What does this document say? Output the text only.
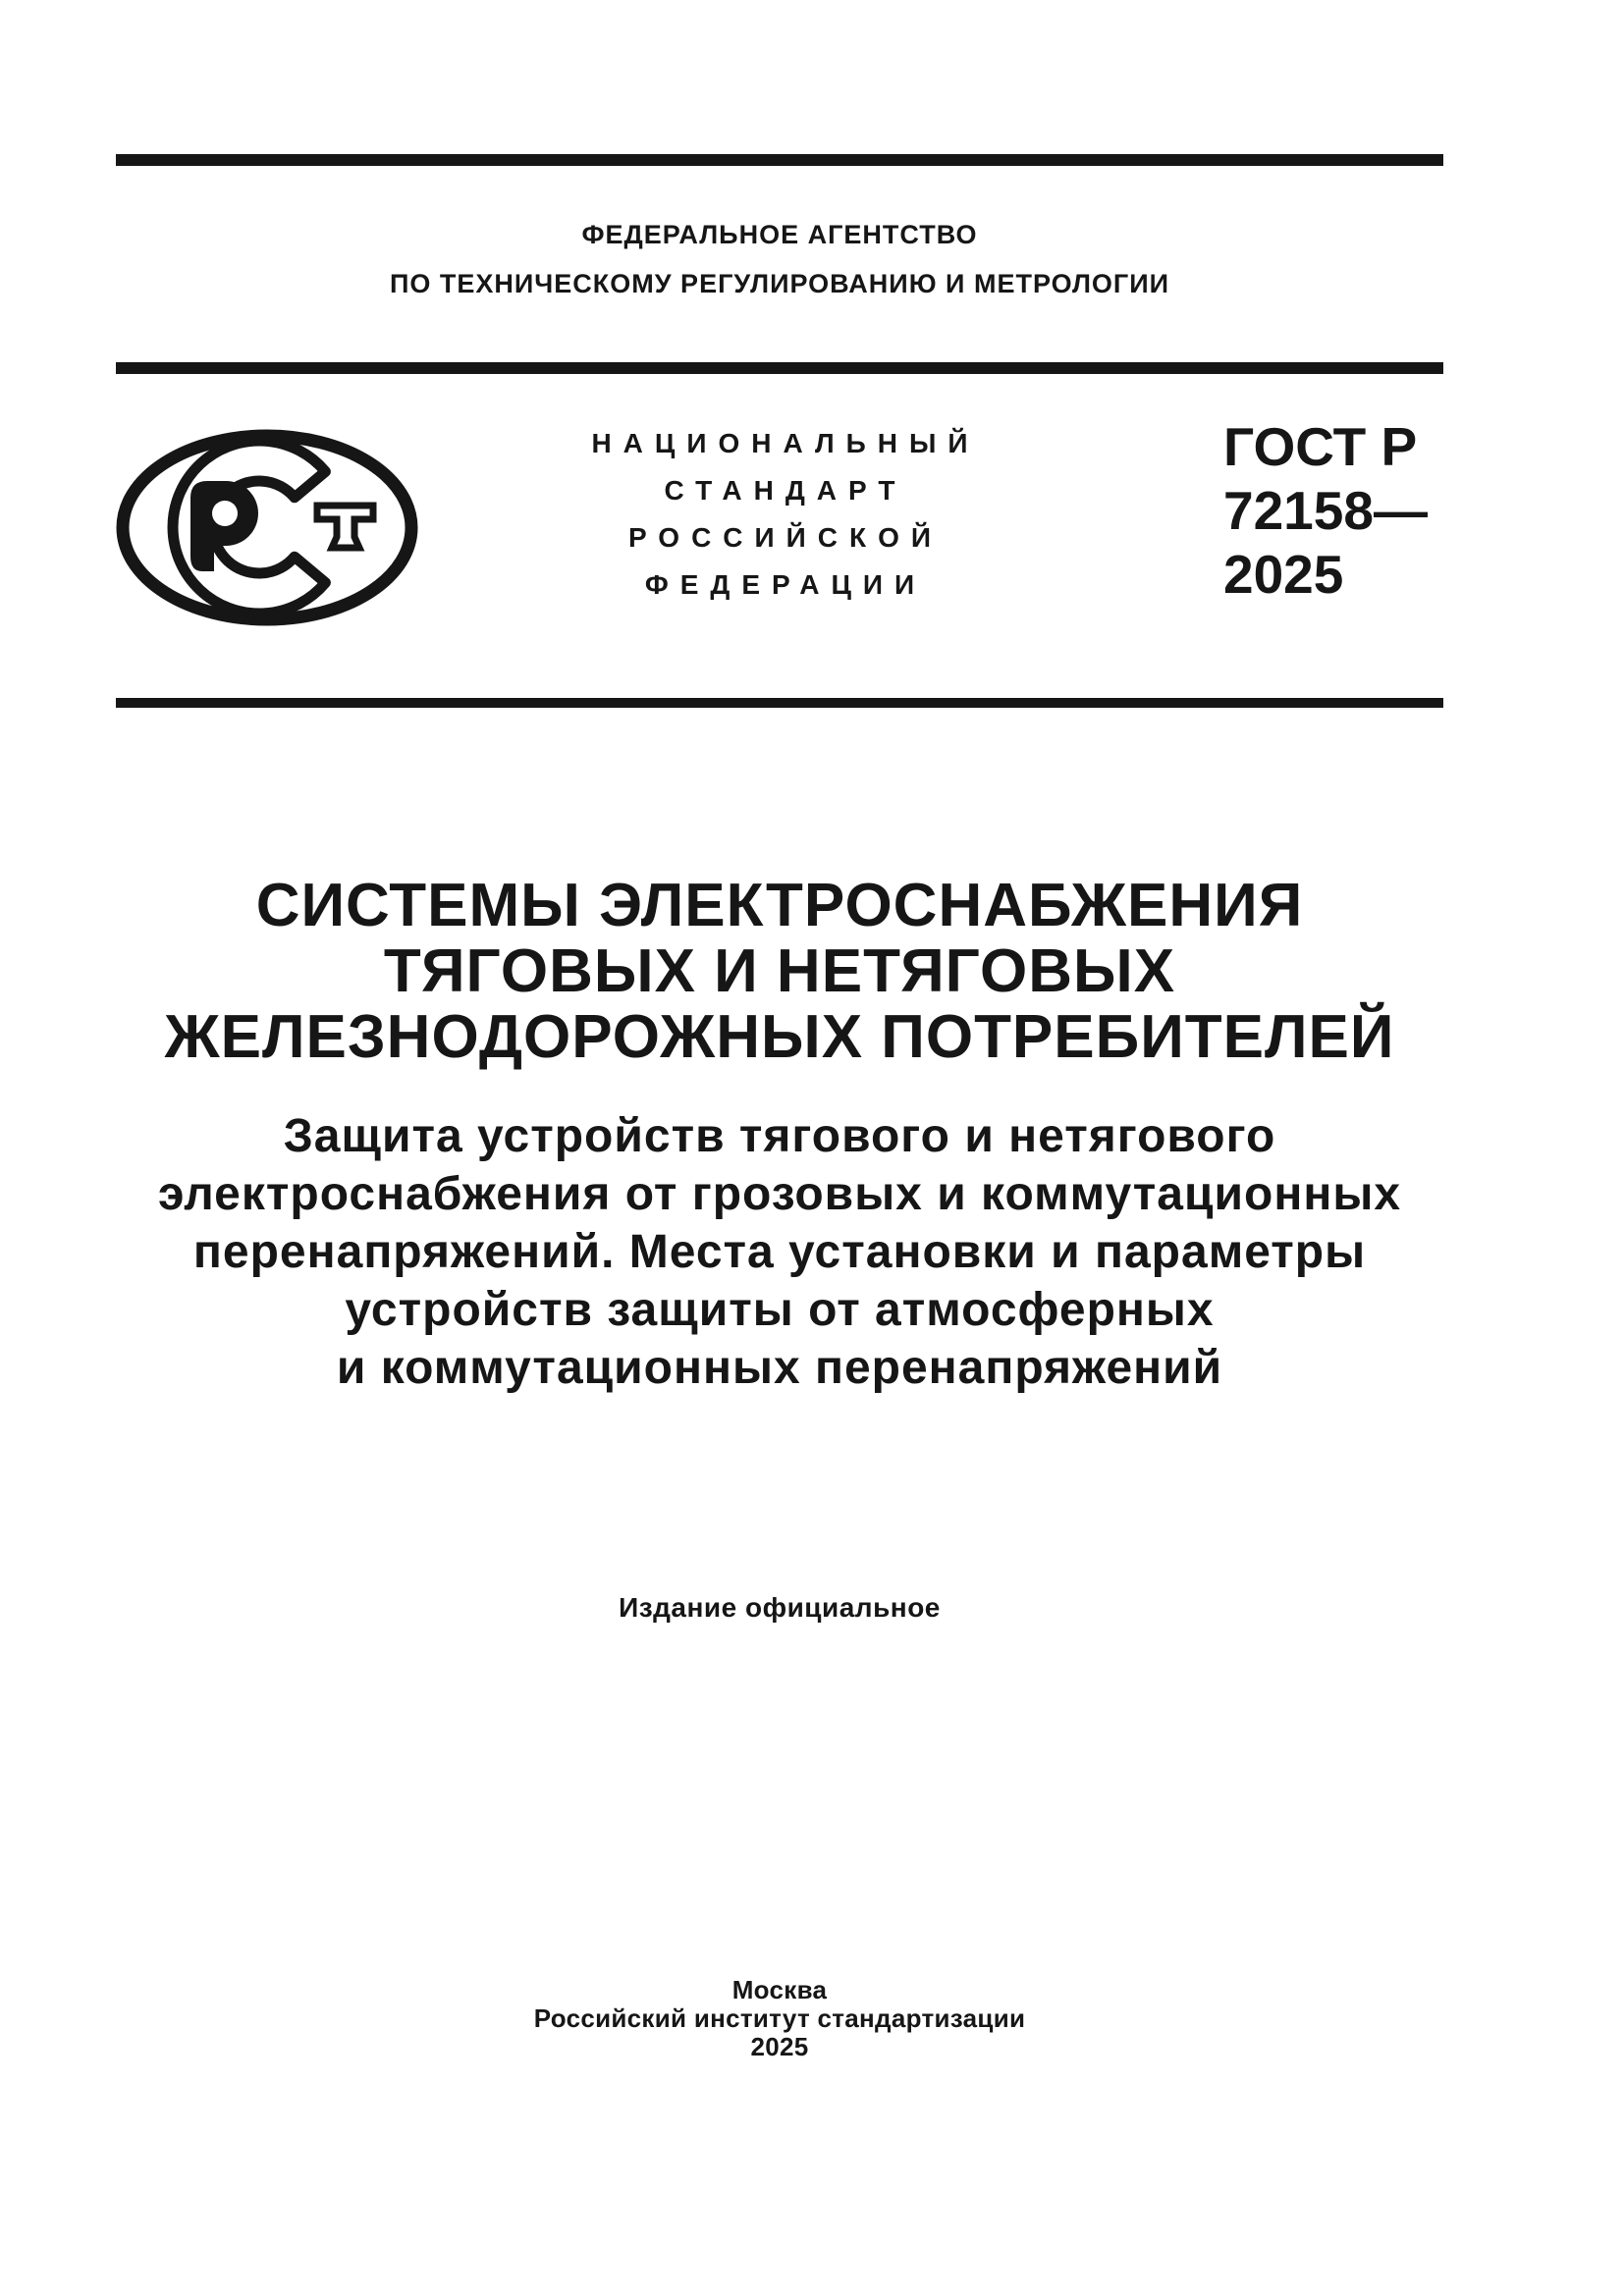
ФЕДЕРАЛЬНОЕ АГЕНТСТВО
ПО ТЕХНИЧЕСКОМУ РЕГУЛИРОВАНИЮ И МЕТРОЛОГИИ
НАЦИОНАЛЬНЫЙ
СТАНДАРТ
РОССИЙСКОЙ
ФЕДЕРАЦИИ
ГОСТ Р
72158—
2025
СИСТЕМЫ ЭЛЕКТРОСНАБЖЕНИЯ
ТЯГОВЫХ И НЕТЯГОВЫХ
ЖЕЛЕЗНОДОРОЖНЫХ ПОТРЕБИТЕЛЕЙ
Защита устройств тягового и нетягового
электроснабжения от грозовых и коммутационных
перенапряжений. Места установки и параметры
устройств защиты от атмосферных
и коммутационных перенапряжений
Издание официальное
Москва
Российский институт стандартизации
2025
